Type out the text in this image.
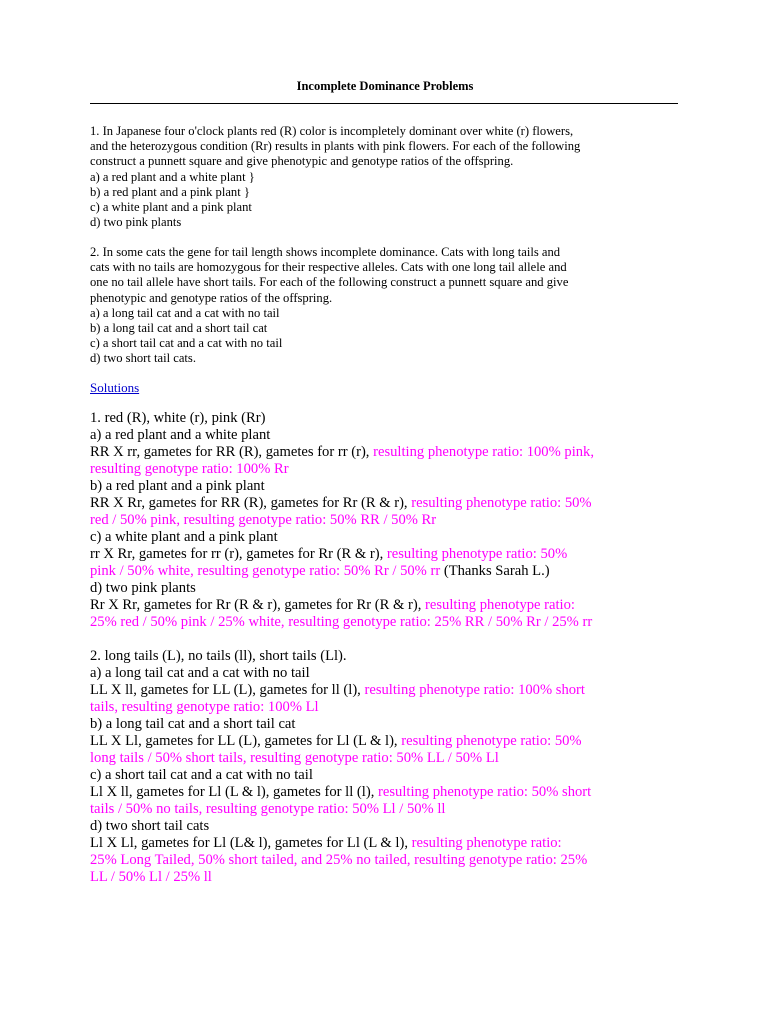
Incomplete Dominance Problems
1. In Japanese four o'clock plants red (R) color is incompletely dominant over white (r) flowers,
and the heterozygous condition (Rr) results in plants with pink flowers. For each of the following
construct a punnett square and give phenotypic and genotype ratios of the offspring.
a) a red plant and a white plant }
b) a red plant and a pink plant }
c) a white plant and a pink plant
d) two pink plants
2. In some cats the gene for tail length shows incomplete dominance. Cats with long tails and
cats with no tails are homozygous for their respective alleles. Cats with one long tail allele and
one no tail allele have short tails. For each of the following construct a punnett square and give
phenotypic and genotype ratios of the offspring.
a) a long tail cat and a cat with no tail
b) a long tail cat and a short tail cat
c) a short tail cat and a cat with no tail
d) two short tail cats.
Solutions
1. red (R), white (r), pink (Rr)
a) a red plant and a white plant
RR X rr, gametes for RR (R), gametes for rr (r), resulting phenotype ratio: 100% pink,
resulting genotype ratio: 100% Rr
b) a red plant and a pink plant
RR X Rr, gametes for RR (R), gametes for Rr (R & r), resulting phenotype ratio: 50%
red / 50% pink, resulting genotype ratio: 50% RR / 50% Rr
c) a white plant and a pink plant
rr X Rr, gametes for rr (r), gametes for Rr (R & r), resulting phenotype ratio: 50%
pink / 50% white, resulting genotype ratio: 50% Rr / 50% rr (Thanks Sarah L.)
d) two pink plants
Rr X Rr, gametes for Rr (R & r), gametes for Rr (R & r), resulting phenotype ratio:
25% red / 50% pink / 25% white, resulting genotype ratio: 25% RR / 50% Rr / 25% rr
2. long tails (L), no tails (ll), short tails (Ll).
a) a long tail cat and a cat with no tail
LL X ll, gametes for LL (L), gametes for ll (l), resulting phenotype ratio: 100% short
tails, resulting genotype ratio: 100% Ll
b) a long tail cat and a short tail cat
LL X Ll, gametes for LL (L), gametes for Ll (L & l), resulting phenotype ratio: 50%
long tails / 50% short tails, resulting genotype ratio: 50% LL / 50% Ll
c) a short tail cat and a cat with no tail
Ll X ll, gametes for Ll (L & l), gametes for ll (l), resulting phenotype ratio: 50% short
tails / 50% no tails, resulting genotype ratio: 50% Ll / 50% ll
d) two short tail cats
Ll X Ll, gametes for Ll (L& l), gametes for Ll (L & l), resulting phenotype ratio:
25% Long Tailed, 50% short tailed, and 25% no tailed, resulting genotype ratio: 25%
LL / 50% Ll / 25% ll
